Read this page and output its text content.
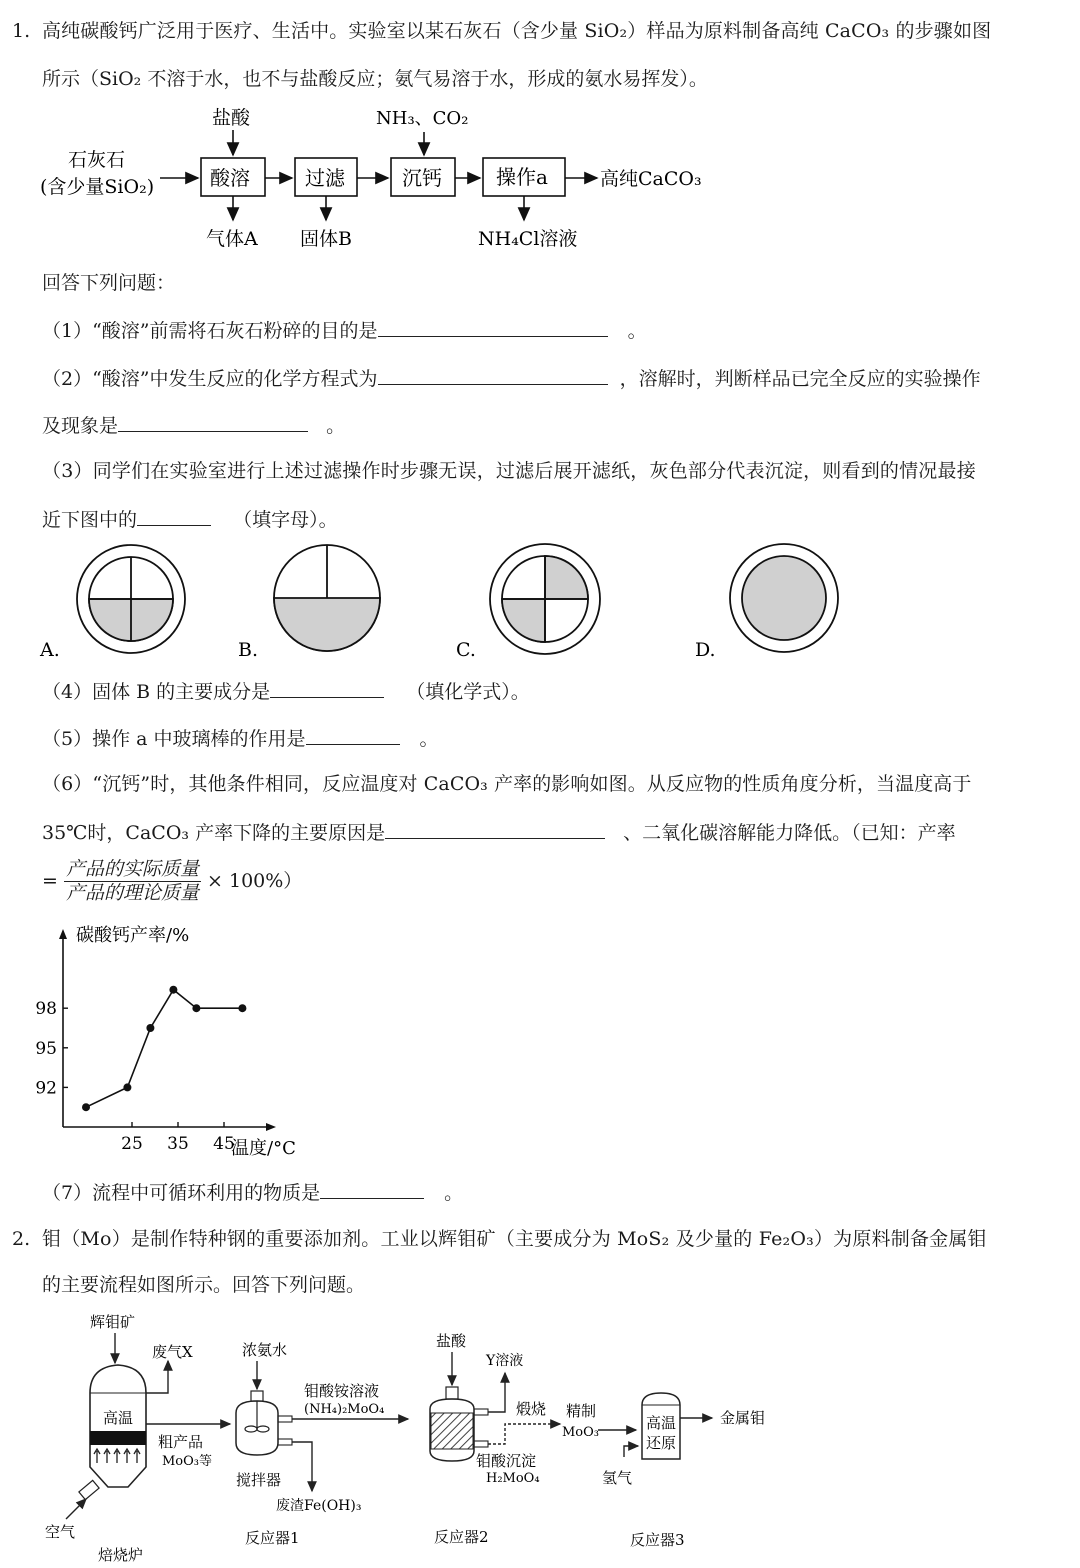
1. 高纯碳酸钙广泛用于医疗、生活中。实验室以某石灰石（含少量 SiO₂）样品为原料制备高纯 CaCO₃ 的步骤如图
所示（SiO₂ 不溶于水，也不与盐酸反应；氨气易溶于水，形成的氨水易挥发）。
石灰石
(含少量SiO₂)	酸溶	过滤	沉钙	操作a	高纯CaCO₃
盐酸	NH₃、CO₂
气体A 固体B	NH₄Cl溶液
回答下列问题：
（1）“酸溶”前需将石灰石粉碎的目的是	。
（2）“酸溶”中发生反应的化学方程式为	，溶解时，判断样品已完全反应的实验操作
及现象是	。
（3）同学们在实验室进行上述过滤操作时步骤无误，过滤后展开滤纸，灰色部分代表沉淀，则看到的情况最接
近下图中的	（填字母）。
A.	B.	C.	D.
（4）固体 B 的主要成分是	（填化学式）。
（5）操作 a 中玻璃棒的作用是	。
（6）“沉钙”时，其他条件相同，反应温度对 CaCO₃ 产率的影响如图。从反应物的性质角度分析，当温度高于
35℃时，CaCO₃ 产率下降的主要原因是	、二氧化碳溶解能力降低。（已知：产率
= $\frac{\text{产品的实际质量}}{\text{产品的理论质量}} \times 100\%$）
碳酸钙产率/%
温度/°C
25 35 45
92
95
98
（7）流程中可循环利用的物质是	。
2. 钼（Mo）是制作特种钢的重要添加剂。工业以辉钼矿（主要成分为 MoS₂ 及少量的 Fe₂O₃）为原料制备金属钼
的主要流程如图所示。回答下列问题。
辉钼矿
废气X
高温
空气
焙烧炉
粗产品
MoO₃等
浓氨水
搅拌器
废渣Fe(OH)₃
反应器1
钼酸铵溶液
(NH₄)₂MoO₄
盐酸
Y溶液
煅烧
钼酸沉淀
H₂MoO₄
反应器2
精制
MoO₃
高温
还原
氢气
金属钼
反应器3
